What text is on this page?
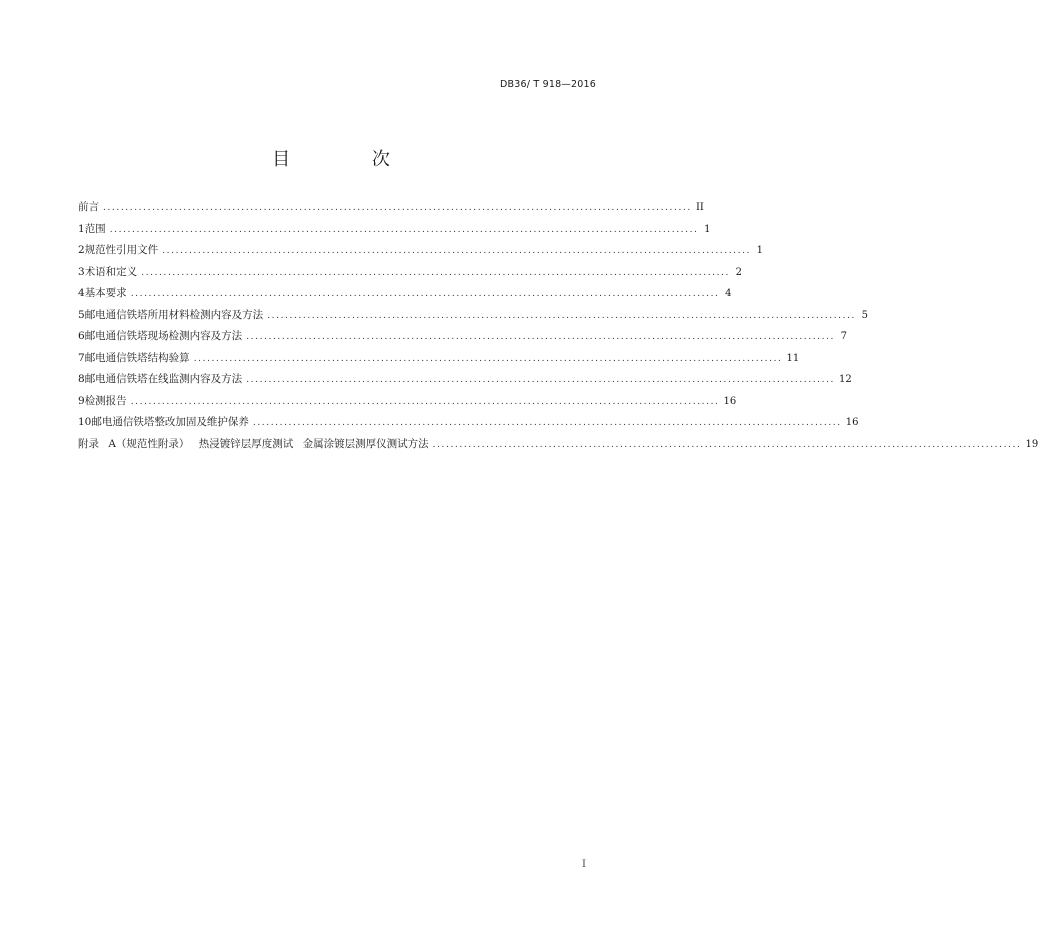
DB36/ T 918—2016
目 次
前言 .................................................................................................................................... II
1 范围 .................................................................................................................................... 1
2 规范性引用文件 .................................................................................................................................... 1
3 术语和定义 .................................................................................................................................... 2
4 基本要求 .................................................................................................................................... 4
5 邮电通信铁塔所用材料检测内容及方法 .................................................................................................................................... 5
6 邮电通信铁塔现场检测内容及方法 .................................................................................................................................... 7
7 邮电通信铁塔结构验算 .................................................................................................................................... 11
8 邮电通信铁塔在线监测内容及方法 .................................................................................................................................... 12
9 检测报告 .................................................................................................................................... 16
10 邮电通信铁塔整改加固及维护保养 .................................................................................................................................... 16
附录 A（规范性附录） 热浸镀锌层厚度测试 金属涂镀层测厚仪测试方法 .................................................................................................................................... 19
I
